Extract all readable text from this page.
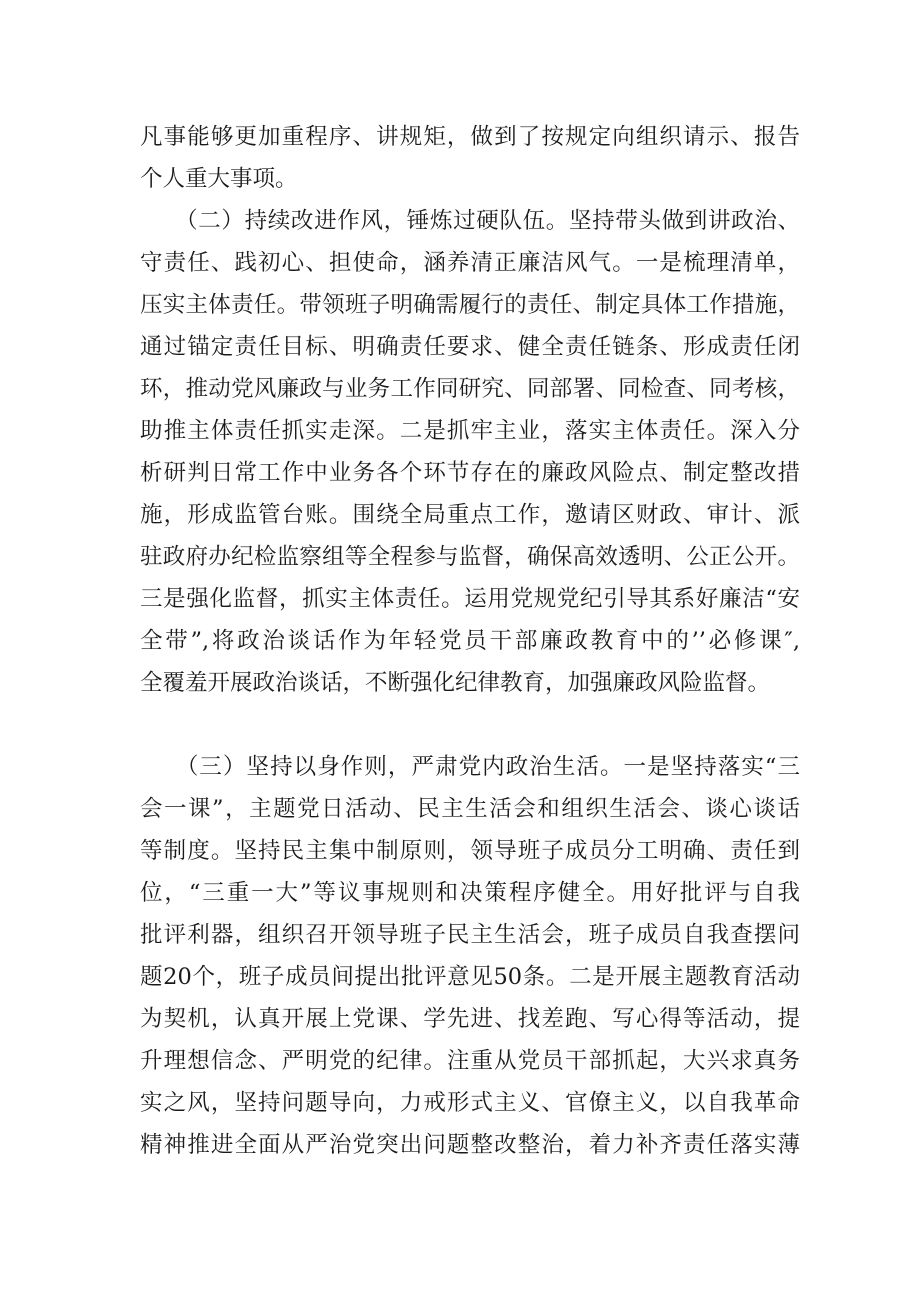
凡事能够更加重程序、讲规矩，做到了按规定向组织请示、报告
个人重大事项。
　　（二）持续改进作风，锤炼过硬队伍。坚持带头做到讲政治、
守责任、践初心、担使命，涵养清正廉洁风气。一是梳理清单，
压实主体责任。带领班子明确需履行的责任、制定具体工作措施，
通过锚定责任目标、明确责任要求、健全责任链条、形成责任闭
环，推动党风廉政与业务工作同研究、同部署、同检查、同考核，
助推主体责任抓实走深。二是抓牢主业，落实主体责任。深入分
析研判日常工作中业务各个环节存在的廉政风险点、制定整改措
施，形成监管台账。围绕全局重点工作，邀请区财政、审计、派
驻政府办纪检监察组等全程参与监督，确保高效透明、公正公开。
三是强化监督，抓实主体责任。运用党规党纪引导其系好廉洁“安
全带”,将政治谈话作为年轻党员干部廉政教育中的’’必修课″,
全覆羞开展政治谈话，不断强化纪律教育，加强廉政风险监督。
　　（三）坚持以身作则，严肃党内政治生活。一是坚持落实“三
会一课”，主题党日活动、民主生活会和组织生活会、谈心谈话
等制度。坚持民主集中制原则，领导班子成员分工明确、责任到
位，“三重一大”等议事规则和决策程序健全。用好批评与自我
批评利器，组织召开领导班子民主生活会，班子成员自我查摆问
题20个，班子成员间提出批评意见50条。二是开展主题教育活动
为契机，认真开展上党课、学先进、找差跑、写心得等活动，提
升理想信念、严明党的纪律。注重从党员干部抓起，大兴求真务
实之风，坚持问题导向，力戒形式主义、官僚主义，以自我革命
精神推进全面从严治党突出问题整改整治，着力补齐责任落实薄
